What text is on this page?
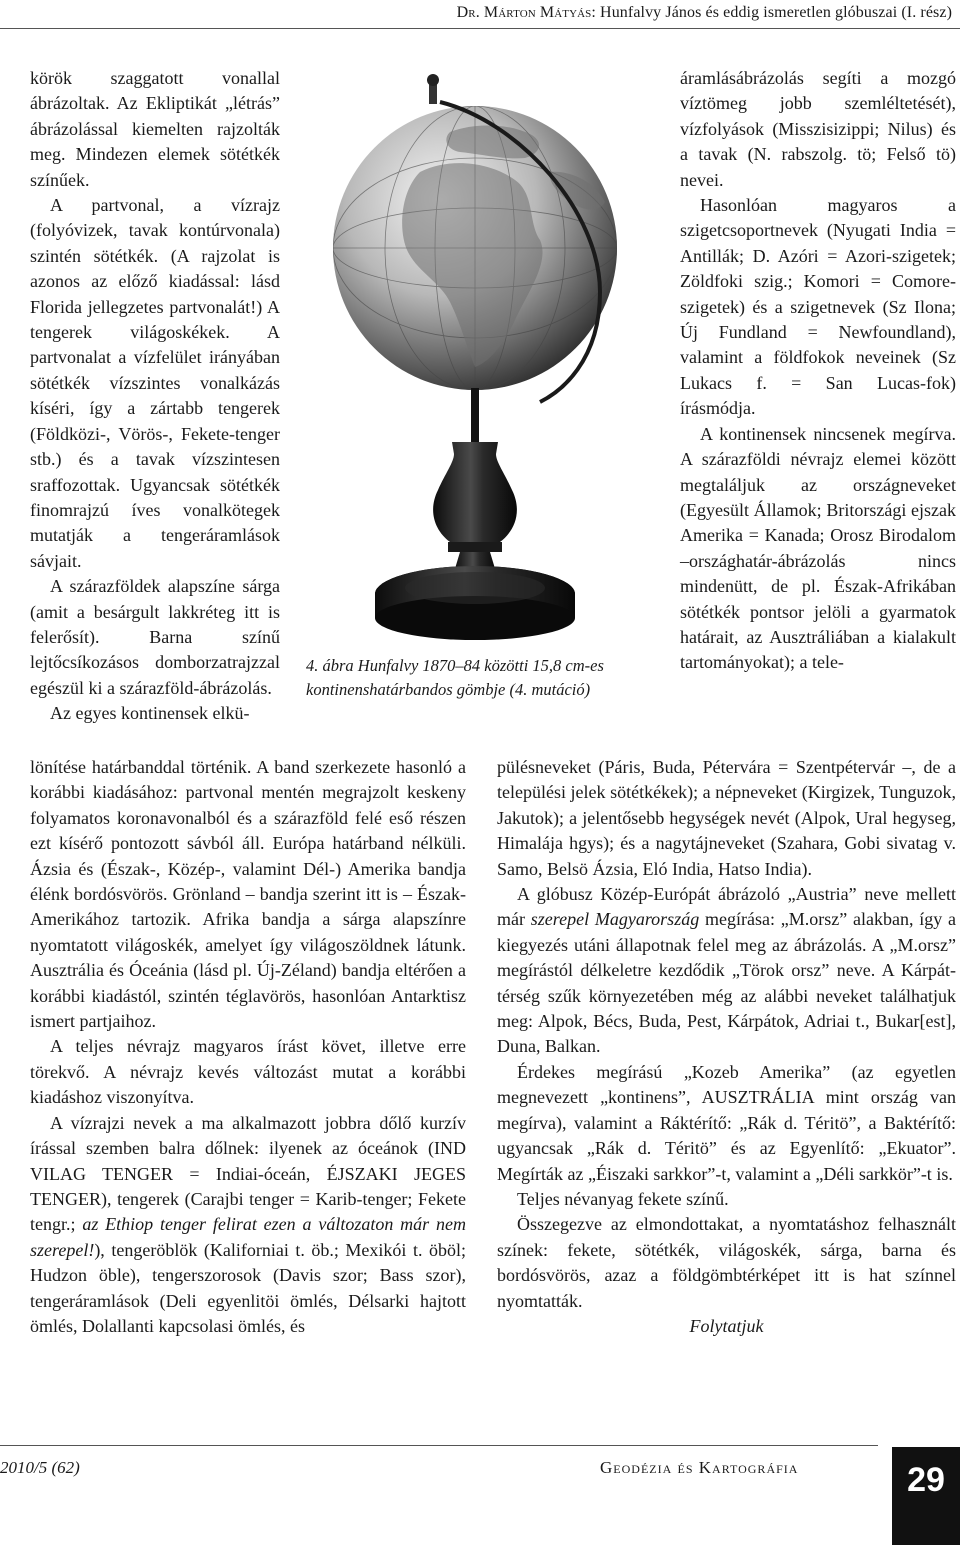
Dr. Márton Mátyás: Hunfalvy János és eddig ismeretlen glóbuszai (I. rész)

körök szaggatott vonallal ábrázoltak. Az Ekliptikát „létrás” ábrázolással kiemelten rajzolták meg. Mindezen elemek sötétkék színűek.

A partvonal, a vízrajz (folyóvizek, tavak kontúrvonala) szintén sötétkék. (A rajzolat is azonos az előző kiadással: lásd Florida jellegzetes partvonalát!) A tengerek világoskékek. A partvonalat a vízfelület irányában sötétkék vízszintes vonalkázás kíséri, így a zártabb tengerek (Földközi-, Vörös-, Fekete-tenger stb.) és a tavak vízszintesen sraffozottak. Ugyancsak sötétkék finomrajzú íves vonalkötegek mutatják a tengeráramlások sávjait.

A szárazföldek alapszíne sárga (amit a besárgult lakkréteg itt is felerősít). Barna színű lejtőcsíkozásos domborzatrajzzal egészül ki a szárazföld-ábrázolás.

Az egyes kontinensek elkü-

4. ábra Hunfalvy 1870–84 közötti 15,8 cm-es kontinenshatárbandos gömbje (4. mutáció)

áramlásábrázolás segíti a mozgó víztömeg jobb szemléltetését), vízfolyások (Misszisizippi; Nilus) és a tavak (N. rabszolg. tö; Felső tö) nevei.

Hasonlóan magyaros a szigetcsoportnevek (Nyugati India = Antillák; D. Azóri = Azori-szigetek; Zöldfoki szig.; Komori = Comore-szigetek) és a szigetnevek (Sz Ilona; Új Fundland = Newfoundland), valamint a földfokok neveinek (Sz Lukacs f. = San Lucas-fok) írásmódja.

A kontinensek nincsenek megírva. A szárazföldi névrajz elemei között megtaláljuk az országneveket (Egyesült Államok; Britországi ejszak Amerika = Kanada; Orosz Birodalom –országhatár-ábrázolás nincs mindenütt, de pl. Észak-Afrikában sötétkék pontsor jelöli a gyarmatok határait, az Ausztráliában a kialakult tartományokat); a tele-

lönítése határbanddal történik. A band szerkezete hasonló a korábbi kiadásához: partvonal mentén megrajzolt keskeny folyamatos koronavonalból és a szárazföld felé eső részen ezt kísérő pontozott sávból áll. Európa határband nélküli. Ázsia és (Észak-, Közép-, valamint Dél-) Amerika bandja élénk bordósvörös. Grönland – bandja szerint itt is – Észak-Amerikához tartozik. Afrika bandja a sárga alapszínre nyomtatott világoskék, amelyet így világoszöldnek látunk. Ausztrália és Óceánia (lásd pl. Új-Zéland) bandja eltérően a korábbi kiadástól, szintén téglavörös, hasonlóan Antarktisz ismert partjaihoz.

A teljes névrajz magyaros írást követ, illetve erre törekvő. A névrajz kevés változást mutat a korábbi kiadáshoz viszonyítva.

A vízrajzi nevek a ma alkalmazott jobbra dőlő kurzív írással szemben balra dőlnek: ilyenek az óceánok (IND VILAG TENGER = Indiai-óceán, ÉJSZAKI JEGES TENGER), tengerek (Carajbi tenger = Karib-tenger; Fekete tengr.; az Ethiop tenger felirat ezen a változaton már nem szerepel!), tengeröblök (Kaliforniai t. öb.; Mexikói t. öböl; Hudzon öble), tengerszorosok (Davis szor; Bass szor), tengeráramlások (Deli egyenlitöi ömlés, Délsarki hajtott ömlés, Dolallanti kapcsolasi ömlés, és

pülésneveket (Páris, Buda, Pétervára = Szentpétervár –, de a települési jelek sötétkékek); a népneveket (Kirgizek, Tunguzok, Jakutok); a jelentősebb hegységek nevét (Alpok, Ural hegyseg, Himalája hgys); és a nagytájneveket (Szahara, Gobi sivatag v. Samo, Belsö Ázsia, Eló India, Hatso India).

A glóbusz Közép-Európát ábrázoló „Austria” neve mellett már szerepel Magyarország megírása: „M.orsz” alakban, így a kiegyezés utáni állapotnak felel meg az ábrázolás. A „M.orsz” megírástól délkeletre kezdődik „Törok orsz” neve. A Kárpát-térség szűk környezetében még az alábbi neveket találhatjuk meg: Alpok, Bécs, Buda, Pest, Kárpátok, Adriai t., Bukar[est], Duna, Balkan.

Érdekes megírású „Kozeb Amerika” (az egyetlen megnevezett „kontinens”, AUSZTRÁLIA mint ország van megírva), valamint a Ráktérítő: „Rák d. Téritö”, a Baktérítő: ugyancsak „Rák d. Téritö” és az Egyenlítő: „Ekuator”. Megírták az „Éiszaki sarkkor”-t, valamint a „Déli sarkkör”-t is.

Teljes névanyag fekete színű.

Összegezve az elmondottakat, a nyomtatáshoz felhasznált színek: fekete, sötétkék, világoskék, sárga, barna és bordósvörös, azaz a földgömbtérképet itt is hat színnel nyomtatták.

Folytatjuk

2010/5 (62)	Geodézia és Kartográfia	29
